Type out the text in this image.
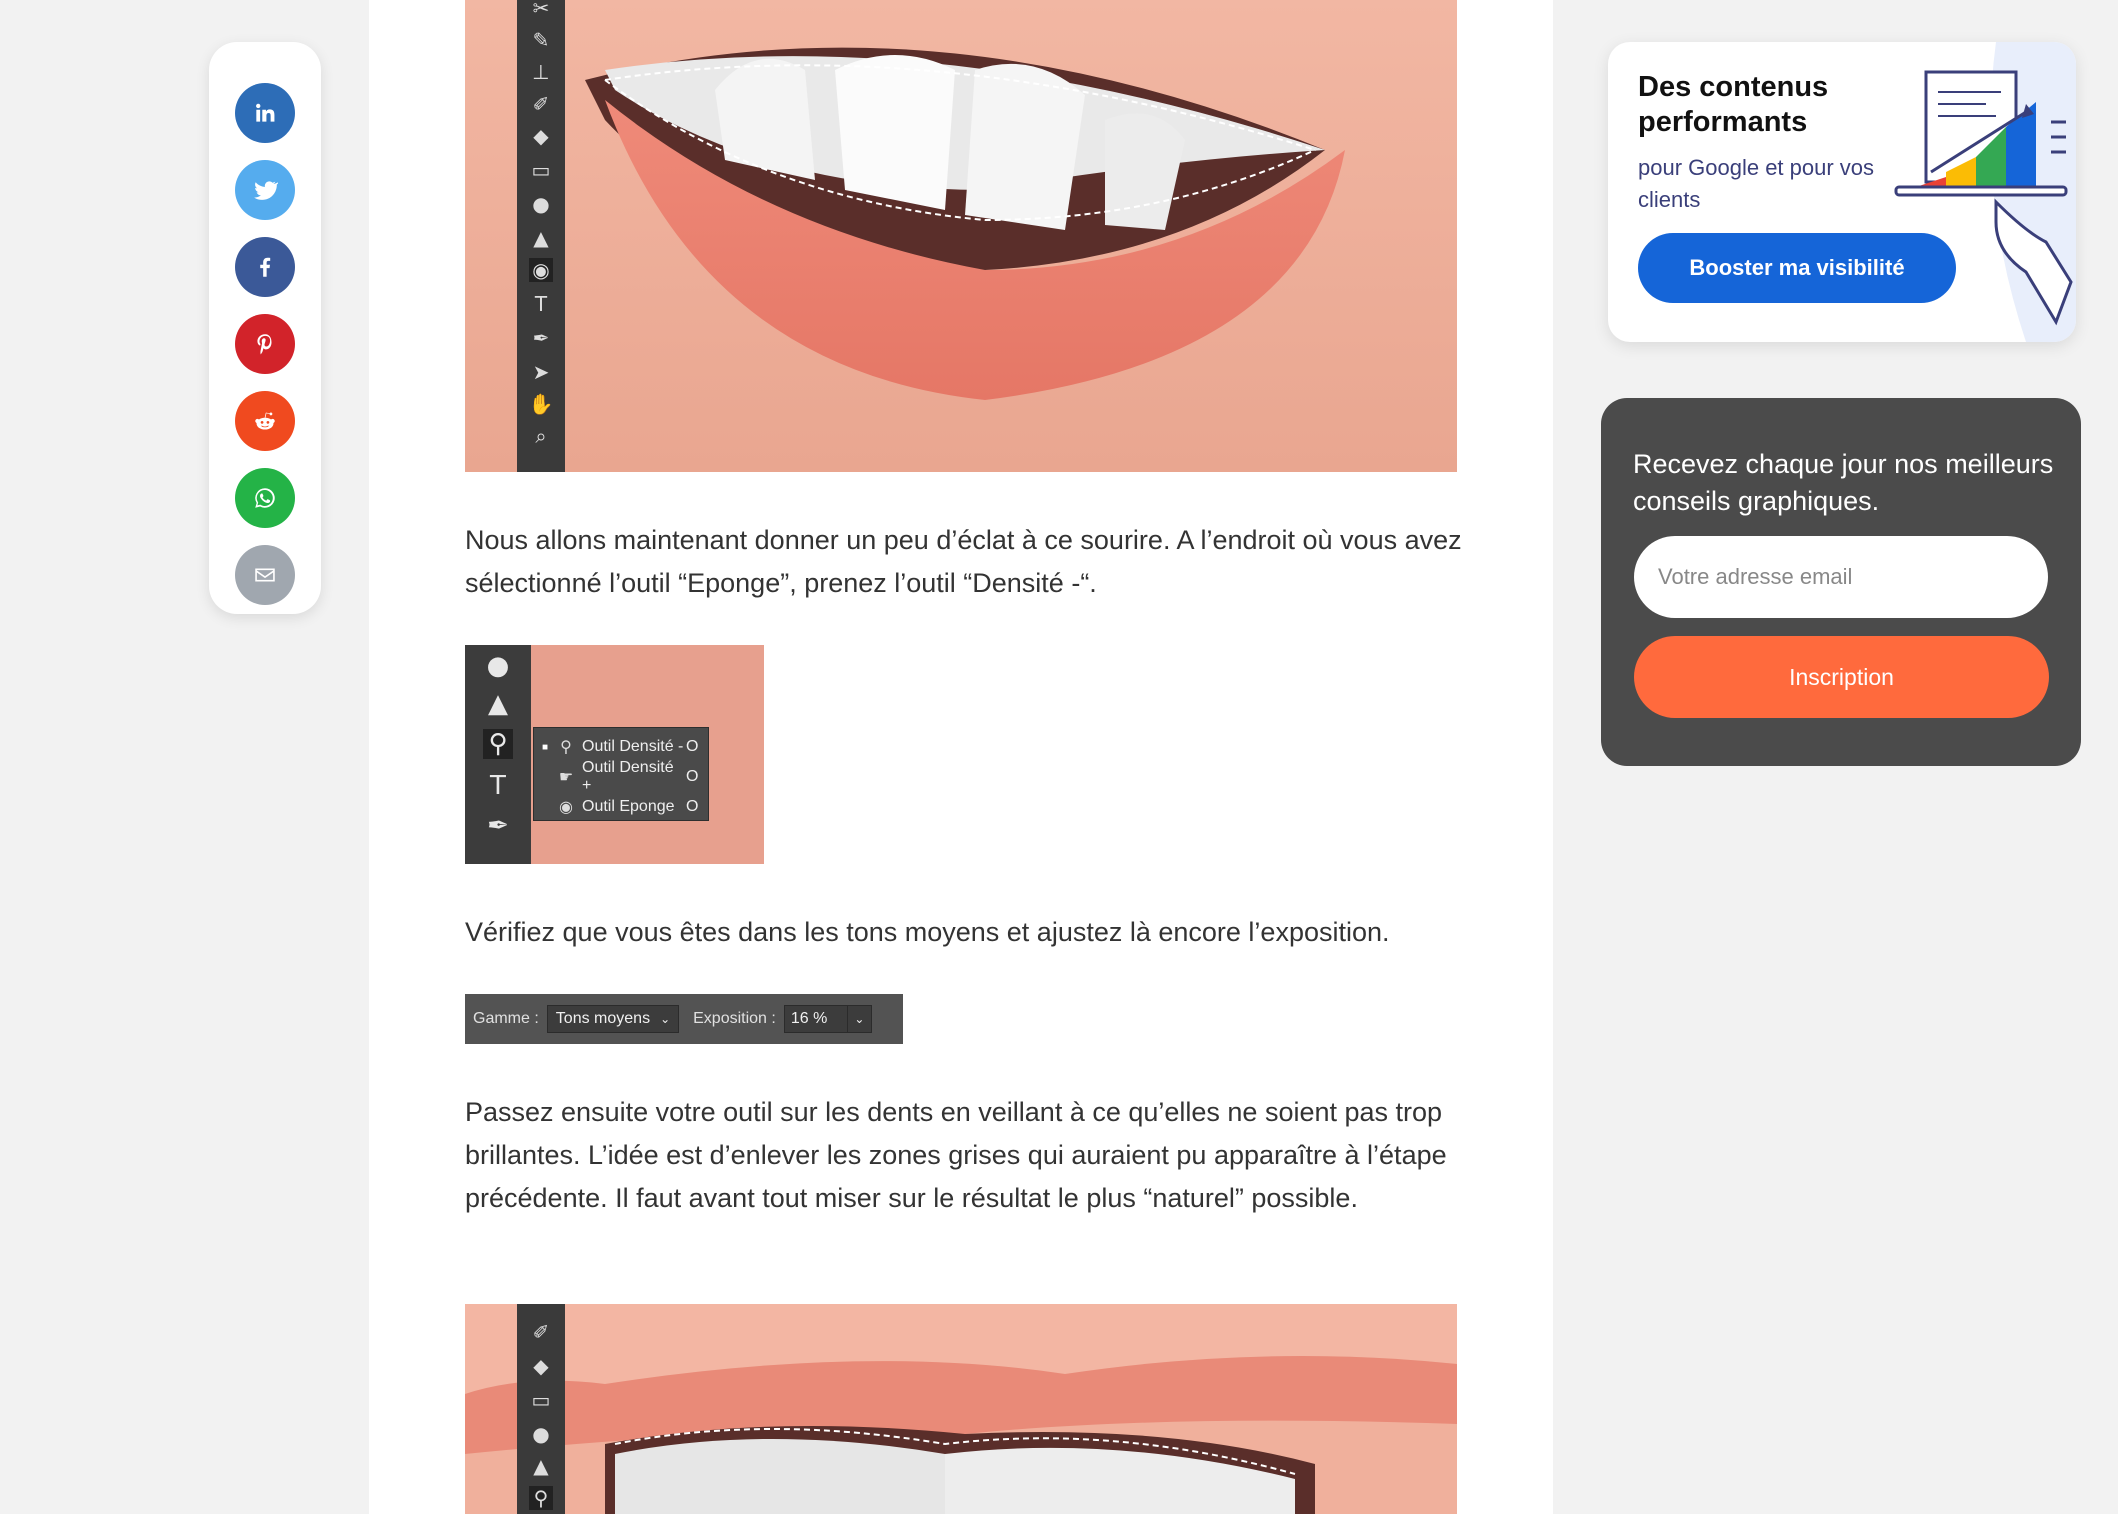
✂
✎
⊥
✐
◆
▭
●
▲
◉
T
✒
➤
✋
⌕

Nous allons maintenant donner un peu d’éclat à ce sourire. A l’endroit où vous avez sélectionné l’outil “Eponge”, prenez l’outil “Densité -“.

●
▲
⚲
T
✒
■ ⚲ Outil Densité - O
☛
Outil Densité +
O
◉ Outil Eponge O

Vérifiez que vous êtes dans les tons moyens et ajustez là encore l’exposition.

Gamme : Tons moyens ⌄ Exposition : 16 %	⌄

Passez ensuite votre outil sur les dents en veillant à ce qu’elles ne soient pas trop brillantes. L’idée est d’enlever les zones grises qui auraient pu apparaître à l’étape précédente. Il faut avant tout miser sur le résultat le plus “naturel” possible.

✐
◆
▭
●
▲
⚲
Des contenus performants
pour Google et pour vos clients
Booster ma visibilité
Recevez chaque jour nos meilleurs conseils graphiques.
Votre adresse email
Inscription
